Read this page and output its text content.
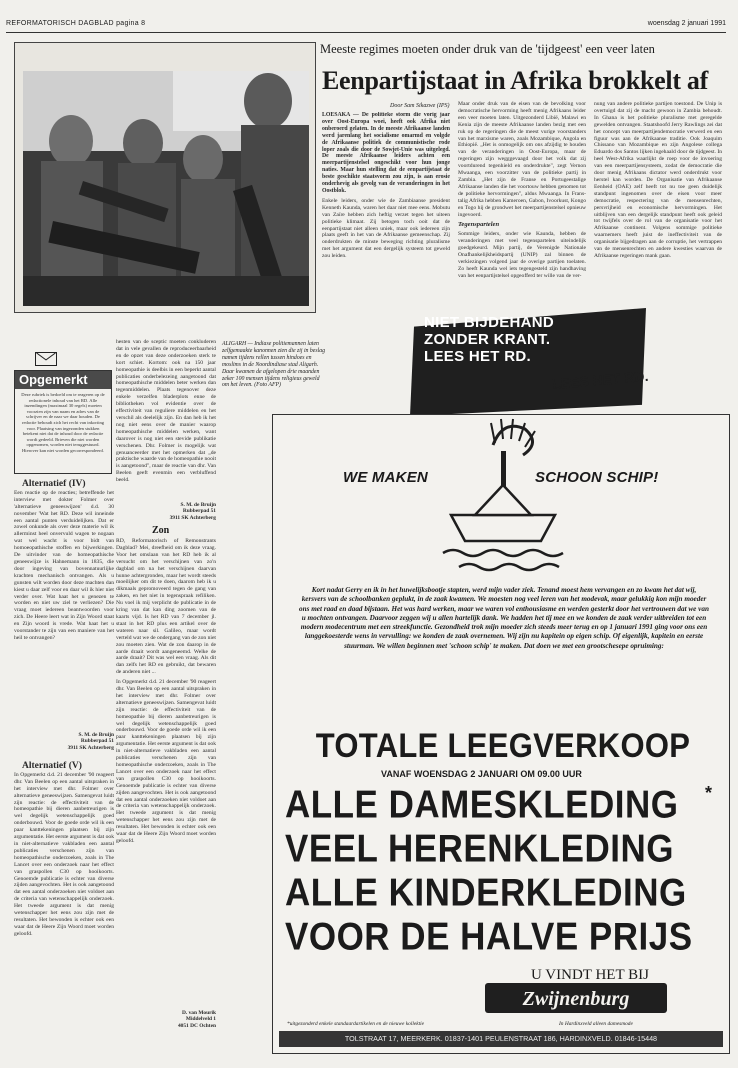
REFORMATORISCH DAGBLAD pagina 8	woensdag 2 januari 1991
Meeste regimes moeten onder druk van de 'tijdgeest' een veer laten
Eenpartijstaat in Afrika brokkelt af
Door Sam Sikazwe (IPS)

LOESAKA — De politieke storm die vorig jaar over Oost-Europa woei, heeft ook Afrika niet onberoerd gelaten. In de meeste Afrikaanse landen werd jarenlang het socialisme omarmd en volgde de Afrikaanse politiek de communistische rode loper zoals die door de Sowjet-Unie was uitgelegd. De meeste Afrikaanse leiders achten een meerpartijenstelsel ongeschikt voor hun jonge naties. Maar hun stelling dat de eenpartijstaat de beste geschikte staatsvorm zou zijn, is aan erosie onderhevig als gevolg van de veranderingen in het Oostblok.

Enkele leiders, onder wie de Zambiaanse president Kenneth Kaunda, waren het daar niet mee eens. Mobutu van Zaïre hebben zich heftig verzet tegen het uiteen politieke klimaat. Zij betogen toch ooit dat de eenpartijstaat niet alleen uniek, maar ook iedereen zijn plaats geeft in het van de Afrikaanse gemeenschap. Zij onderdrukten de minste beweging richting pluralisme met het argument dat een dergelijk systeem tot geweld zou leiden.

Maar onder druk van de eisen van de bevolking voor democratische hervorming heeft menig Afrikaans leider een veer moeten laten. Uitgezonderd Libië, Malawi en Kenia zijn de meeste Afrikaanse landen bezig met een ruk op de regeringen die de meest vurige voorstanders van het marxisme waren, zoals Mozambique, Angola en Ethiopië. „Het is onmogelijk om ons afzijdig te houden van de veranderingen in Oost-Europa, maar de regeringen zijn wegggevaagd door het volk dat zij voortdurend tegenhield en onderdrukte", zegt Vernon Mwaanga, een voorzitter van de politieke partij in Zambia. „Het zijn de Franse en Portugeestalige Afrikaanse landen die het voortouw hebben genomen tot de politieke hervormingen", aldus Mwaanga. In Frans-talig Afrika hebben Kameroen, Gabon, Ivoorkust, Kongo en Togo hij de grondwet het meerpartijenstelsel opnieuw ingevoerd.

Tegenspartelen

Sommige leiders, onder wie Kaunda, hebben de veranderingen met veel tegenspartelen uiteindelijk goedgekeurd. Mijn partij, de Verenigde Nationale Onafhankelijkheidspartij (UNIP) zal binnen de verkiezingen volgend jaar de overige partijen toelaten. Zo heeft Kaunda wel iets tegengesteld zijn handhaving van het eenpartijstelsel opgeofferd ter wille van de ver-

nung van andere politieke partijen toestond. De Unip is overtuigd dat zij de macht gewoon in Zambia behoudt. In Ghana is het politieke pluralisme met geregelde gewelden ontvangen. Staatshoofd Jerry Rawlings zei dat het concept van meerpartijendemocratie verwerd en een figuur was aan de Afrikaanse traditie. Ook Joaquim Chissano van Mozambique en zijn Angolese collega Eduardo dos Santos lijken ingehaald door de tijdgeest. In heel West-Afrika waarlijkt de roep voor de invoering van een meerpartijensysteem, zodat de democratie die door menig Afrikaans dictator werd onderdrukt voor herstel kan worden. De Organisatie van Afrikaanse Eenheid (OAE) zelf heeft tot nu toe geen duidelijk standpunt ingenomen over de eisen voor meer democratie, respectering van de mensenrechten, persvrijheid en economische hervormingen. Het uitblijven van een dergelijk standpunt heeft ook geleid tot twijfels over de rol van de organisatie voor het Afrikaanse continent. Volgens sommige politieke waarnemers heeft juist de ineffectiviteit van de organisatie bijgedragen aan de corruptie, het vertrappen van de mensenrechten en andere kwesties waarvan de Afrikaanse regeringen mank gaan.

ALIGARH — Indiase politiemannen laten zelfgemaakte kanonnen zien die zij in beslag namen tijdens rellen tussen hindoes en moslims in de Noordindiase stad Aligarh. Daar kwamen de afgelopen drie maanden zeker 100 mensen tijdens religieus geweld om het leven. (Foto AFP)
Opgemerkt
Deze rubriek is bedoeld om te reageren op de redactionele inhoud van het RD. Alle inzendingen (maximaal 30 regels) moeten voorzien zijn van naam en adres van de schrijver en de naar we daar houden. De redactie behoudt zich het recht van inkorting voor. Plaatsing van ingezonden stukken betekent niet dat de inhoud door de redactie wordt gedeeld. Brieven die niet worden opgenomen, worden niet teruggestuurd. Hierover kan niet worden gecorrespondeerd.
Alternatief (IV)

Een reactie op de reacties; betreffende het interview met dokter Folmer over 'alternatieve geneeswijzen' d.d. 30 november 'Wat het RD. Deze wil inneinde een aantal punten verduidelijken. Dat er zowel onkunde als over deze materie wil ik allerminst heel onvervuld wagen te nogaan wat wel wacht is voor bidt van homoeopathische stoffen en bijwerkingen. De uitvinder van de homeopathische geneeswijze is Hahnemann in 1835, die door ingeving van bovennatuurlijke krachten mechanisch ontvangen. Als u gunsten wilt worden door deze machten dan kiest u daar zelf voor en daar wil ik hier niet verder over. Wat haat het u genezen te worden en niet uw ziel te verliezen? Die vraag moet iedereen beantwoorden voor zich. De Heere leert wat in Zijn Woord staat en Zijn woord is vrede. Wat haat het u voorstander te zijn van een maniere van het heil te ontvangen?

S. M. de Bruijn
Rubberpad 51
3911 SK Achterberg
Alternatief (V)

In Opgemerkt d.d. 21 december '90 reageert dhr. Van Beelen op een aantal uitspraken in het interview met dhr. Folmer over alternatieve geneeswijzen. Samengevat luidt zijn reactie: de effectiviteit van de homeopathie bij dieren aanbetreurigen is wel degelijk wetenschappelijk goed onderbouwd. Voor de goede orde wil ik een paar kanttekeningen plaatsen bij zijn argumentatie. Het eerste argument is dat ook in niet-alternatieve vakbladen een aantal publicaties verschenen zijn van homeopathische onderzoeken, zoals in The Lancet over een onderzoek naar het effect van graspollen C30 op hooikoorts. Genoemde publicatie is echter van diverse zijden aangevochten. Het is ook aangetoond dat een aantal onderzoeken niet voldoet aan de criteria van wetenschappelijk onderzoek. Het tweede argument is dat menig wetenschapper het eens zou zijn met de resultaten. Het bewonden is echter ook een waar dat de Heere Zijn Woord moet worden geloofd.

hesten van de sceptic moeten conkluderen dat in vele gevallen de reproduceerbaarheid en de opzet van deze onderzoeken sterk te kort schiet. Kortom: ook na 150 jaar homeopathie is deelbis in een beperkt aantal publicaties onderbelezeing aangetoond dat homeopathische middelen beter werken dan tegenmiddelen. Plaats tegenover deze enkele verzelfen bladerplots enne de bibliotheken vol evidentie over de effectiviteit van reguliere middelen en het verschil als deelelijk zijn. En dan heb ik het nog niet eens over de manier waarop homeopathische middelen werken, want daarover is nog niet een stevide publikatie verschenen. Dhr. Folmer is mogelijk wat genuanceerder met het opmerken dat „de praktische waarde van de homeopathie nooit is aangetoond", maar de reactie van dhr. Van Beelen geeft evenmin een verbluffend beeld.

S. M. de Bruijn
Rubberpad 51
3911 SK Achterberg
Zon

RD, Reformatorisch of Remonstrants Dagblad? Mei, dreefheid om ik deze vraag. Voor het omslaan van het RD heb ik al versucht om het verschijnen van zo'n dagblad om na het verschijnen daarvan hunne achtergronden, maar het wordt steeds moeilijker om dit te doen, daarom heb ik u dikmaals gepromoveerd tegen de gang van zaken, en het niet in tegenspraak refiliken. Nu voel ik mij verplicht de publicatie in de kring van dat kan ding zoomen van de kaarts vijd. Is het RD van 7 december jl. staat in het RD plus een artikel over de wateren naar sil. Galileo, maar wordt verteld wat we de ondergang van de zon niet zou moeten zien. Wat de zon daarop in de aarde draait wordt aangeneemd. Welke de aarde draait? Dit was wel een vraag. Als dit dan zelfs het RD en gebruikt, dat bewaren de anderen niet ...

In Opgemerkt d.d. 21 december '90 reageert dhr. Van Beelen op een aantal uitspraken in het interview met dhr. Folmer over alternatieve geneeswijzen. Samengevat luidt zijn reactie: de effectiviteit van de homeopathie bij dieren aanbetreurigen is wel degelijk wetenschappelijk goed onderbouwd. Voor de goede orde wil ik een paar kanttekeningen plaatsen bij zijn argumentatie. Het eerste argument is dat ook in niet-alternatieve vakbladen een aantal publicaties verschenen zijn van homeopathische onderzoeken, zoals in The Lancet over een onderzoek naar het effect van graspollen C30 op hooikoorts. Genoemde publicatie is echter van diverse zijden aangevochten. Het is ook aangetoond dat een aantal onderzoeken niet voldoet aan de criteria van wetenschappelijk onderzoek. Het tweede argument is dat menig wetenschapper het eens zou zijn met de resultaten. Het bewonden is echter ook een waar dat de Heere Zijn Woord moet worden geloofd.

D. van Mourik
Middelveld 1
4051 DC Ochten
NIET BIJDEHAND
ZONDER KRANT.
LEES HET RD.
LEES HET RD.
WE MAKEN	SCHOON SCHIP!
Kort nadat Gerry en ik in het huwelijksbootje stapten, werd mijn vader ziek. Tenand moest hem vervangen en zo kwam het dat wij, kersvers van de schoolbanken geplukt, in de zaak kwamen. We moesten nog veel leren van het modevak, maar gelukkig kon mijn moeder ons met raad en daad bijstaan. Het was hard werken, maar we waren vol enthousiasme en werden gesterkt door het vertrouwen dat we van u mochten ontvangen. Daarvoor zeggen wij u allen hartelijk dank. We hadden het tij mee en we konden de zaak verder uitbreiden tot een modern modecentrum met een streekfunctie. Gezondheid trok mijn moeder zich steeds meer terug en op 1 januari 1991 ging voor ons een langgekoesterde wens in vervulling: we konden de zaak overnemen. Wij zijn nu kapitein op eigen schip. Of eigenlijk, kapitein en eerste stuurman. We willen beginnen met 'schoon schip' te maken. Dat doen we met een grootschesepe opruiming:
TOTALE LEEGVERKOOP
VANAF WOENSDAG 2 JANUARI OM 09.00 UUR
ALLE DAMESKLEDING *
VEEL HERENKLEDING
ALLE KINDERKLEDING
VOOR DE HALVE PRIJS
U VINDT HET BIJ
Zwijnenburg
*uitgezonderd enkele standaardartikelen en de nieuwe kollektie	In Hardinxveld alleen damesmode
TOLSTRAAT 17, MEERKERK. 01837-1401 PEULENSTRAAT 186, HARDINXVELD. 01846-15448
